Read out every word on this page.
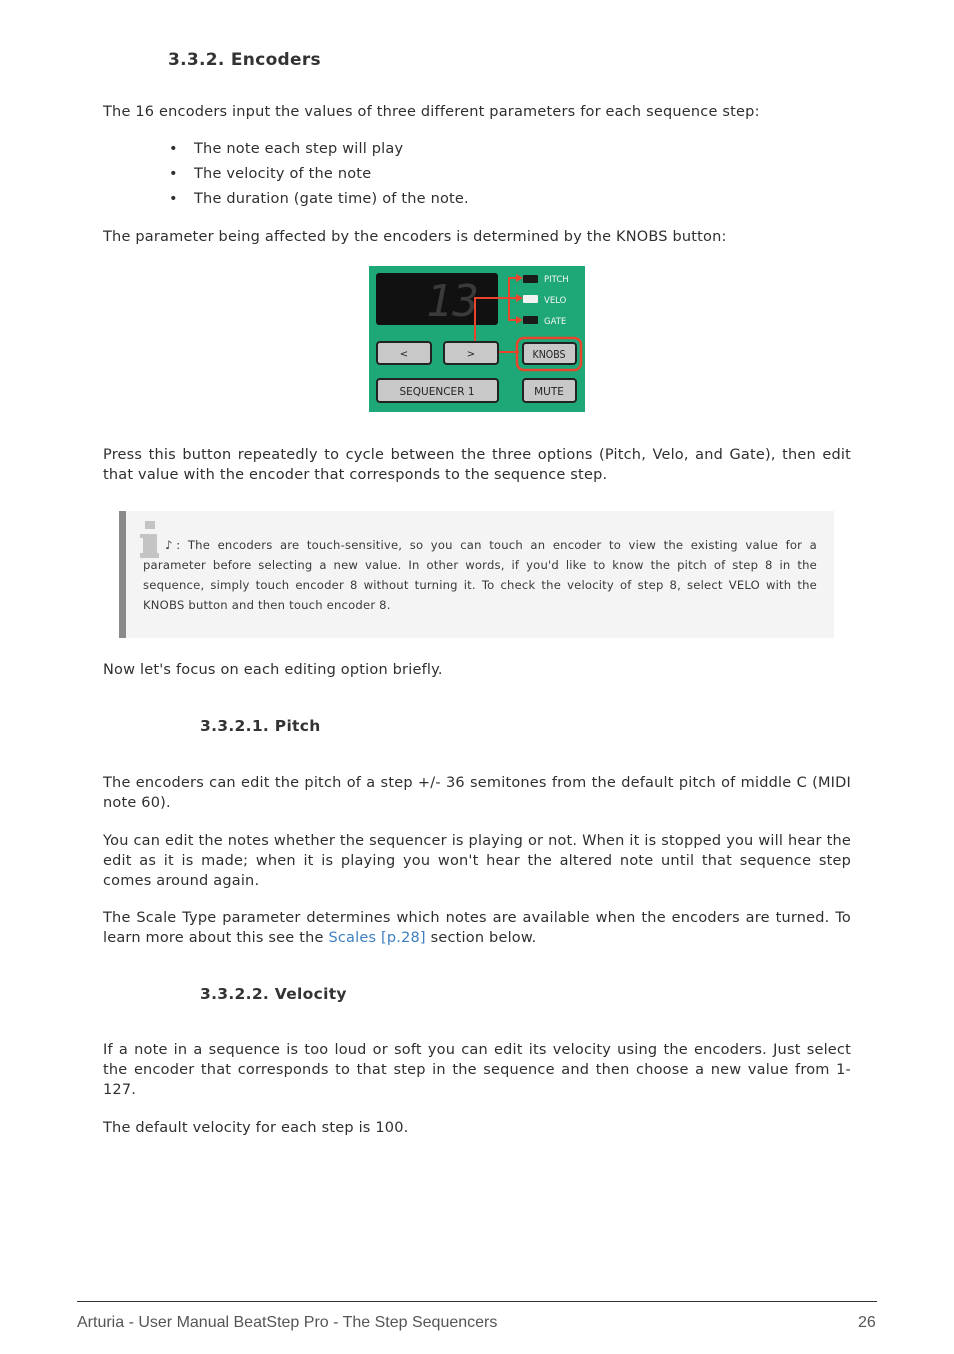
3.3.2. Encoders
The 16 encoders input the values of three different parameters for each sequence step:
• The note each step will play
• The velocity of the note
• The duration (gate time) of the note.
The parameter being affected by the encoders is determined by the KNOBS button:
13	PITCH
VELO
GATE
<	>	KNOBS
SEQUENCER 1	MUTE
Press this button repeatedly to cycle between the three options (Pitch, Velo, and Gate), then edit that value with the encoder that corresponds to the sequence step.
♪: The encoders are touch-sensitive, so you can touch an encoder to view the existing value for a parameter before selecting a new value. In other words, if you'd like to know the pitch of step 8 in the sequence, simply touch encoder 8 without turning it. To check the velocity of step 8, select VELO with the KNOBS button and then touch encoder 8.
Now let's focus on each editing option briefly.
3.3.2.1. Pitch
The encoders can edit the pitch of a step +/- 36 semitones from the default pitch of middle C (MIDI note 60).
You can edit the notes whether the sequencer is playing or not. When it is stopped you will hear the edit as it is made; when it is playing you won't hear the altered note until that sequence step comes around again.
The Scale Type parameter determines which notes are available when the encoders are turned. To learn more about this see the Scales [p.28] section below.
3.3.2.2. Velocity
If a note in a sequence is too loud or soft you can edit its velocity using the encoders. Just select the encoder that corresponds to that step in the sequence and then choose a new value from 1-127.
The default velocity for each step is 100.
Arturia - User Manual BeatStep Pro - The Step Sequencers	26
